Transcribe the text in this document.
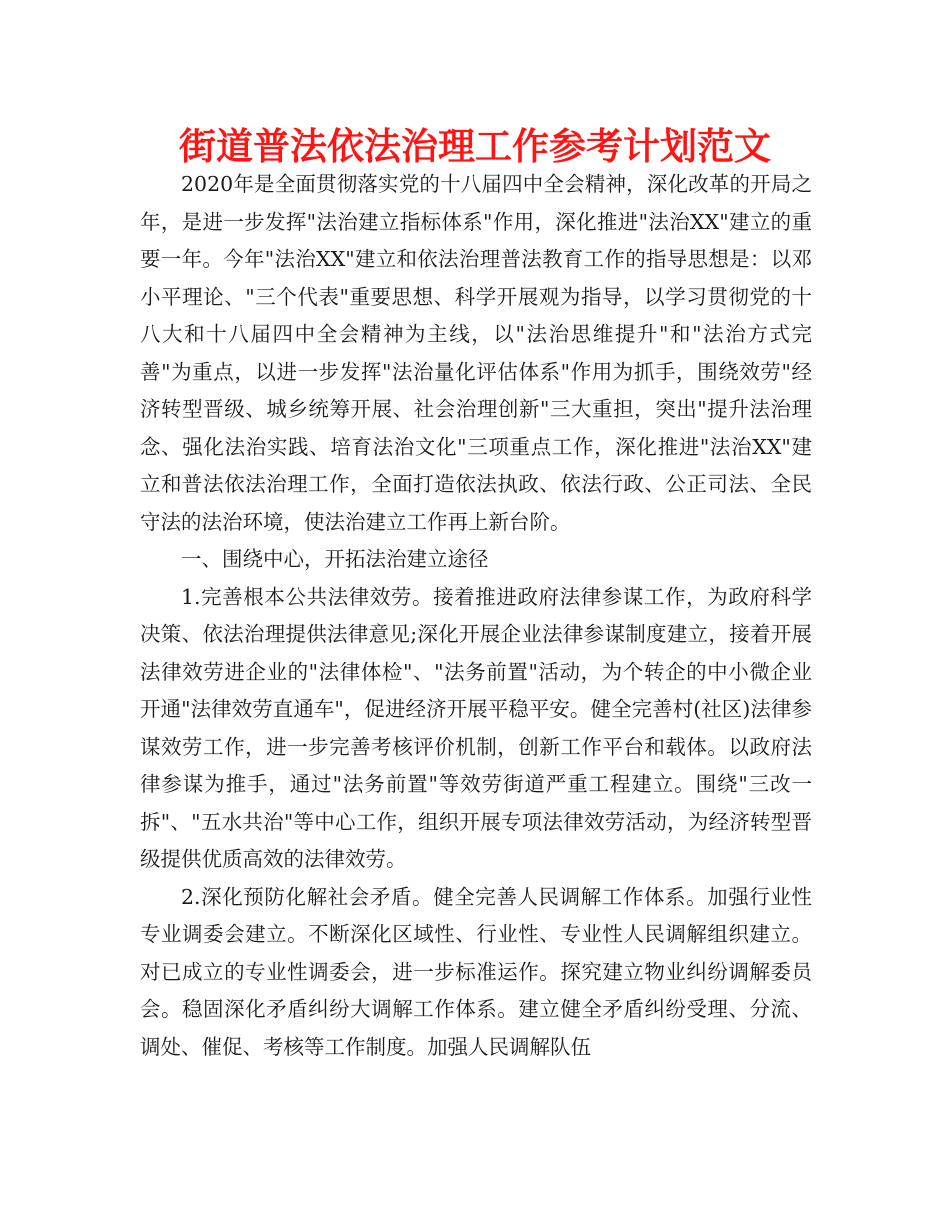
街道普法依法治理工作参考计划范文

2020年是全面贯彻落实党的十八届四中全会精神，深化改革的开局之年，是进一步发挥"法治建立指标体系"作用，深化推进"法治XX"建立的重要一年。今年"法治XX"建立和依法治理普法教育工作的指导思想是：以邓小平理论、"三个代表"重要思想、科学开展观为指导，以学习贯彻党的十八大和十八届四中全会精神为主线，以"法治思维提升"和"法治方式完善"为重点，以进一步发挥"法治量化评估体系"作用为抓手，围绕效劳"经济转型晋级、城乡统筹开展、社会治理创新"三大重担，突出"提升法治理念、强化法治实践、培育法治文化"三项重点工作，深化推进"法治XX"建立和普法依法治理工作，全面打造依法执政、依法行政、公正司法、全民守法的法治环境，使法治建立工作再上新台阶。

一、围绕中心，开拓法治建立途径

1.完善根本公共法律效劳。接着推进政府法律参谋工作，为政府科学决策、依法治理提供法律意见;深化开展企业法律参谋制度建立，接着开展法律效劳进企业的"法律体检"、"法务前置"活动，为个转企的中小微企业开通"法律效劳直通车"，促进经济开展平稳平安。健全完善村(社区)法律参谋效劳工作，进一步完善考核评价机制，创新工作平台和载体。以政府法律参谋为推手，通过"法务前置"等效劳街道严重工程建立。围绕"三改一拆"、"五水共治"等中心工作，组织开展专项法律效劳活动，为经济转型晋级提供优质高效的法律效劳。

2.深化预防化解社会矛盾。健全完善人民调解工作体系。加强行业性专业调委会建立。不断深化区域性、行业性、专业性人民调解组织建立。对已成立的专业性调委会，进一步标准运作。探究建立物业纠纷调解委员会。稳固深化矛盾纠纷大调解工作体系。建立健全矛盾纠纷受理、分流、调处、催促、考核等工作制度。加强人民调解队伍
